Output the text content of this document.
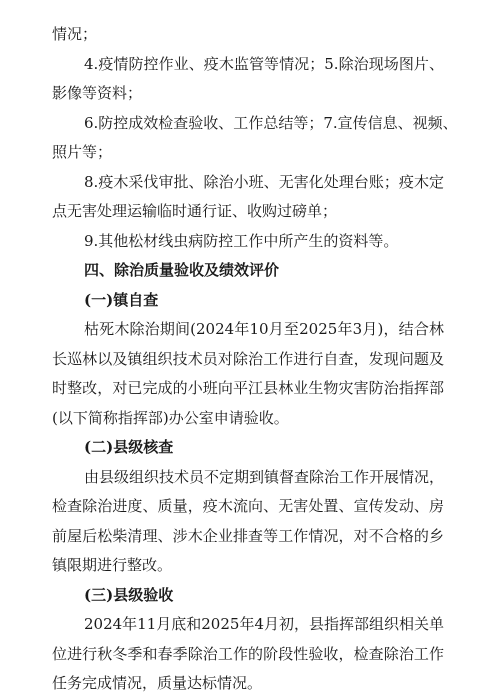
情况；
4.疫情防控作业、疫木监管等情况；5.除治现场图片、
影像等资料；
6.防控成效检查验收、工作总结等；7.宣传信息、视频、
照片等；
8.疫木采伐审批、除治小班、无害化处理台账；疫木定
点无害处理运输临时通行证、收购过磅单；
9.其他松材线虫病防控工作中所产生的资料等。
四、除治质量验收及绩效评价
(一)镇自查
枯死木除治期间(2024年10月至2025年3月)，结合林
长巡林以及镇组织技术员对除治工作进行自查，发现问题及
时整改，对已完成的小班向平江县林业生物灾害防治指挥部
(以下简称指挥部)办公室申请验收。
(二)县级核查
由县级组织技术员不定期到镇督查除治工作开展情况，
检查除治进度、质量，疫木流向、无害处置、宣传发动、房
前屋后松柴清理、涉木企业排查等工作情况，对不合格的乡
镇限期进行整改。
(三)县级验收
2024年11月底和2025年4月初，县指挥部组织相关单
位进行秋冬季和春季除治工作的阶段性验收，检查除治工作
任务完成情况，质量达标情况。
